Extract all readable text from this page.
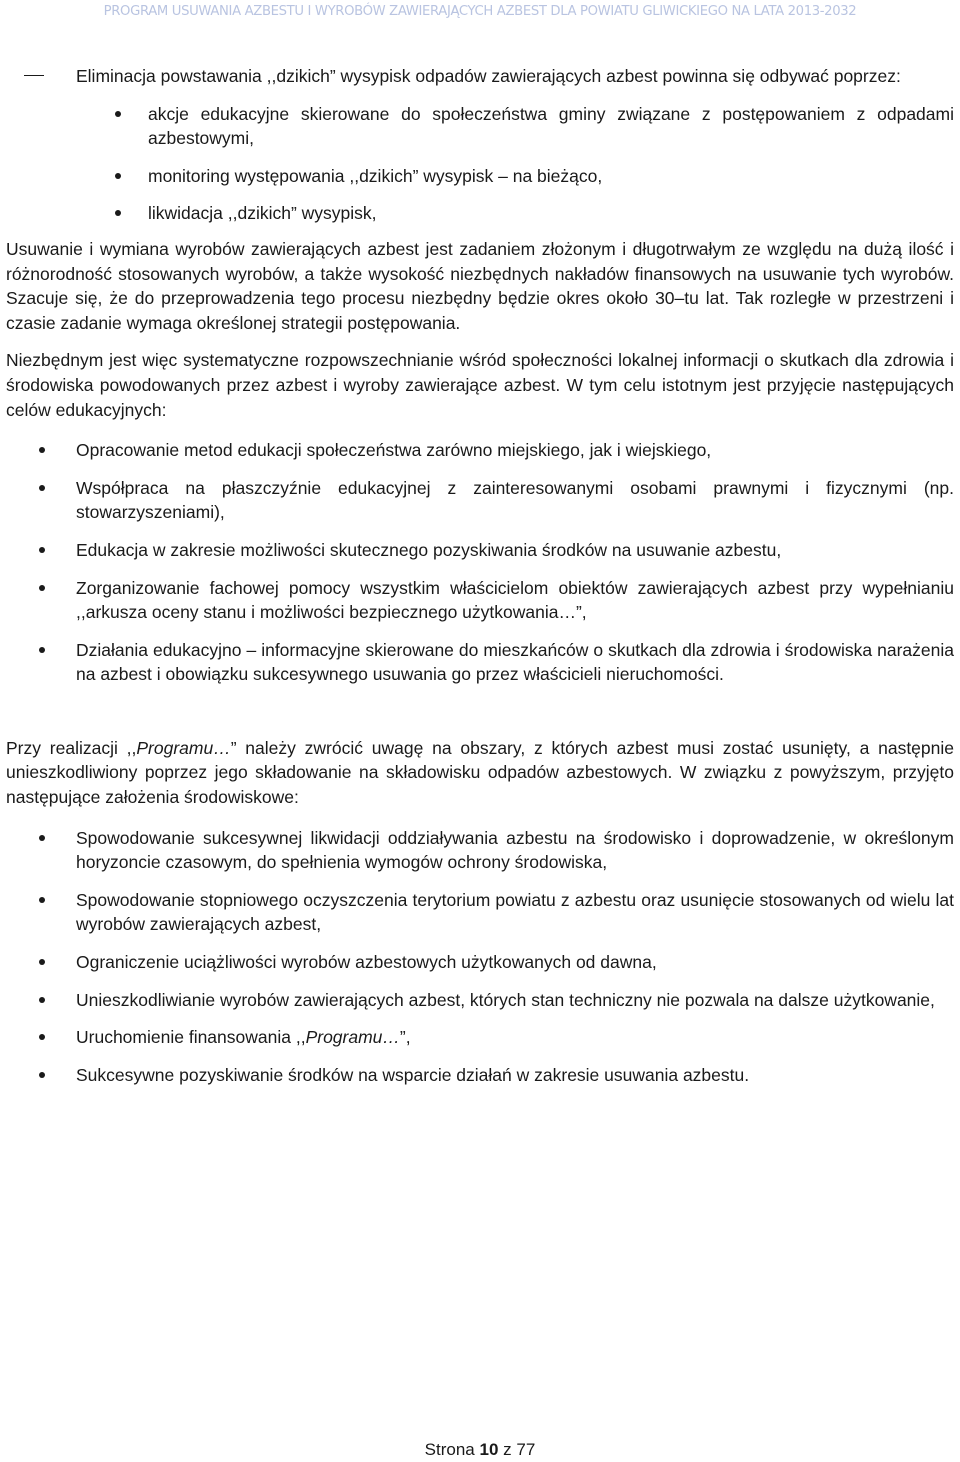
PROGRAM USUWANIA AZBESTU I WYROBÓW ZAWIERAJĄCYCH AZBEST DLA POWIATU GLIWICKIEGO NA LATA 2013-2032
Eliminacja powstawania ,,dzikich” wysypisk odpadów zawierających azbest powinna się odbywać poprzez:
akcje edukacyjne skierowane do społeczeństwa gminy związane z postępowaniem z odpadami azbestowymi,
monitoring występowania ,,dzikich” wysypisk – na bieżąco,
likwidacja ,,dzikich” wysypisk,

Usuwanie i wymiana wyrobów zawierających azbest jest zadaniem złożonym i długotrwałym ze względu na dużą ilość i różnorodność stosowanych wyrobów, a także wysokość niezbędnych nakładów finansowych na usuwanie tych wyrobów. Szacuje się, że do przeprowadzenia tego procesu niezbędny będzie okres około 30–tu lat. Tak rozległe w przestrzeni i czasie zadanie wymaga określonej strategii postępowania.

Niezbędnym jest więc systematyczne rozpowszechnianie wśród społeczności lokalnej informacji o skutkach dla zdrowia i środowiska powodowanych przez azbest i wyroby zawierające azbest. W tym celu istotnym jest przyjęcie następujących celów edukacyjnych:

Opracowanie metod edukacji społeczeństwa zarówno miejskiego, jak i wiejskiego,
Współpraca na płaszczyźnie edukacyjnej z zainteresowanymi osobami prawnymi i fizycznymi (np. stowarzyszeniami),
Edukacja w zakresie możliwości skutecznego pozyskiwania środków na usuwanie azbestu,
Zorganizowanie fachowej pomocy wszystkim właścicielom obiektów zawierających azbest przy wypełnianiu ,,arkusza oceny stanu i możliwości bezpiecznego użytkowania…”,
Działania edukacyjno – informacyjne skierowane do mieszkańców o skutkach dla zdrowia i środowiska narażenia na azbest i obowiązku sukcesywnego usuwania go przez właścicieli nieruchomości.

Przy realizacji ,,Programu…” należy zwrócić uwagę na obszary, z których azbest musi zostać usunięty, a następnie unieszkodliwiony poprzez jego składowanie na składowisku odpadów azbestowych. W związku z powyższym, przyjęto następujące założenia środowiskowe:

Spowodowanie sukcesywnej likwidacji oddziaływania azbestu na środowisko i doprowadzenie, w określonym horyzoncie czasowym, do spełnienia wymogów ochrony środowiska,
Spowodowanie stopniowego oczyszczenia terytorium powiatu z azbestu oraz usunięcie stosowanych od wielu lat wyrobów zawierających azbest,
Ograniczenie uciążliwości wyrobów azbestowych użytkowanych od dawna,
Unieszkodliwianie wyrobów zawierających azbest, których stan techniczny nie pozwala na dalsze użytkowanie,
Uruchomienie finansowania ,,Programu…”,
Sukcesywne pozyskiwanie środków na wsparcie działań w zakresie usuwania azbestu.
Strona 10 z 77
